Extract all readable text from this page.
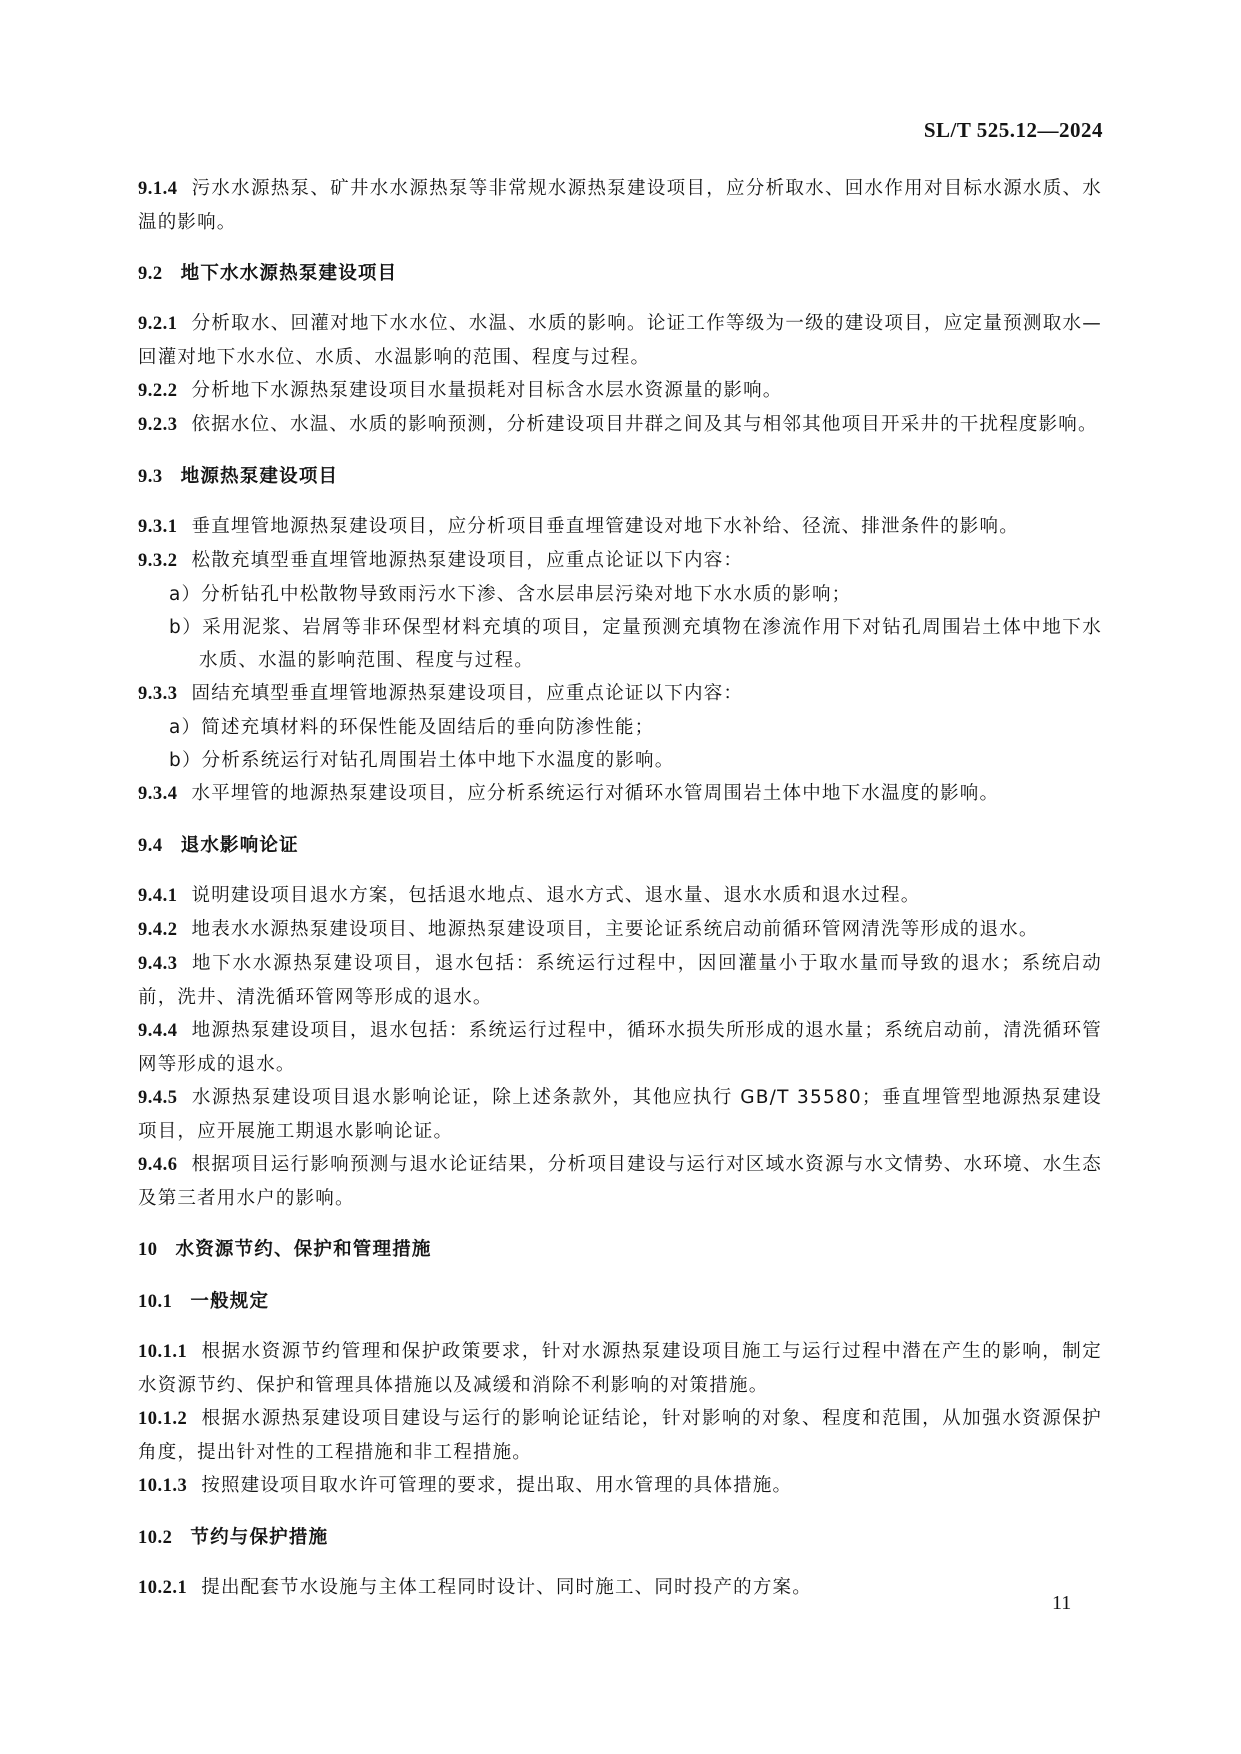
SL/T 525.12—2024

9.1.4 污水水源热泵、矿井水水源热泵等非常规水源热泵建设项目，应分析取水、回水作用对目标水源水质、水温的影响。

9.2 地下水水源热泵建设项目

9.2.1 分析取水、回灌对地下水水位、水温、水质的影响。论证工作等级为一级的建设项目，应定量预测取水—回灌对地下水水位、水质、水温影响的范围、程度与过程。

9.2.2 分析地下水源热泵建设项目水量损耗对目标含水层水资源量的影响。

9.2.3 依据水位、水温、水质的影响预测，分析建设项目井群之间及其与相邻其他项目开采井的干扰程度影响。

9.3 地源热泵建设项目

9.3.1 垂直埋管地源热泵建设项目，应分析项目垂直埋管建设对地下水补给、径流、排泄条件的影响。

9.3.2 松散充填型垂直埋管地源热泵建设项目，应重点论证以下内容：

a）分析钻孔中松散物导致雨污水下渗、含水层串层污染对地下水水质的影响；

b）采用泥浆、岩屑等非环保型材料充填的项目，定量预测充填物在渗流作用下对钻孔周围岩土体中地下水水质、水温的影响范围、程度与过程。

9.3.3 固结充填型垂直埋管地源热泵建设项目，应重点论证以下内容：

a）简述充填材料的环保性能及固结后的垂向防渗性能；

b）分析系统运行对钻孔周围岩土体中地下水温度的影响。

9.3.4 水平埋管的地源热泵建设项目，应分析系统运行对循环水管周围岩土体中地下水温度的影响。

9.4 退水影响论证

9.4.1 说明建设项目退水方案，包括退水地点、退水方式、退水量、退水水质和退水过程。

9.4.2 地表水水源热泵建设项目、地源热泵建设项目，主要论证系统启动前循环管网清洗等形成的退水。

9.4.3 地下水水源热泵建设项目，退水包括：系统运行过程中，因回灌量小于取水量而导致的退水；系统启动前，洗井、清洗循环管网等形成的退水。

9.4.4 地源热泵建设项目，退水包括：系统运行过程中，循环水损失所形成的退水量；系统启动前，清洗循环管网等形成的退水。

9.4.5 水源热泵建设项目退水影响论证，除上述条款外，其他应执行 GB/T 35580；垂直埋管型地源热泵建设项目，应开展施工期退水影响论证。

9.4.6 根据项目运行影响预测与退水论证结果，分析项目建设与运行对区域水资源与水文情势、水环境、水生态及第三者用水户的影响。

10 水资源节约、保护和管理措施
10.1 一般规定

10.1.1 根据水资源节约管理和保护政策要求，针对水源热泵建设项目施工与运行过程中潜在产生的影响，制定水资源节约、保护和管理具体措施以及减缓和消除不利影响的对策措施。

10.1.2 根据水源热泵建设项目建设与运行的影响论证结论，针对影响的对象、程度和范围，从加强水资源保护角度，提出针对性的工程措施和非工程措施。

10.1.3 按照建设项目取水许可管理的要求，提出取、用水管理的具体措施。

10.2 节约与保护措施

10.2.1 提出配套节水设施与主体工程同时设计、同时施工、同时投产的方案。

11
